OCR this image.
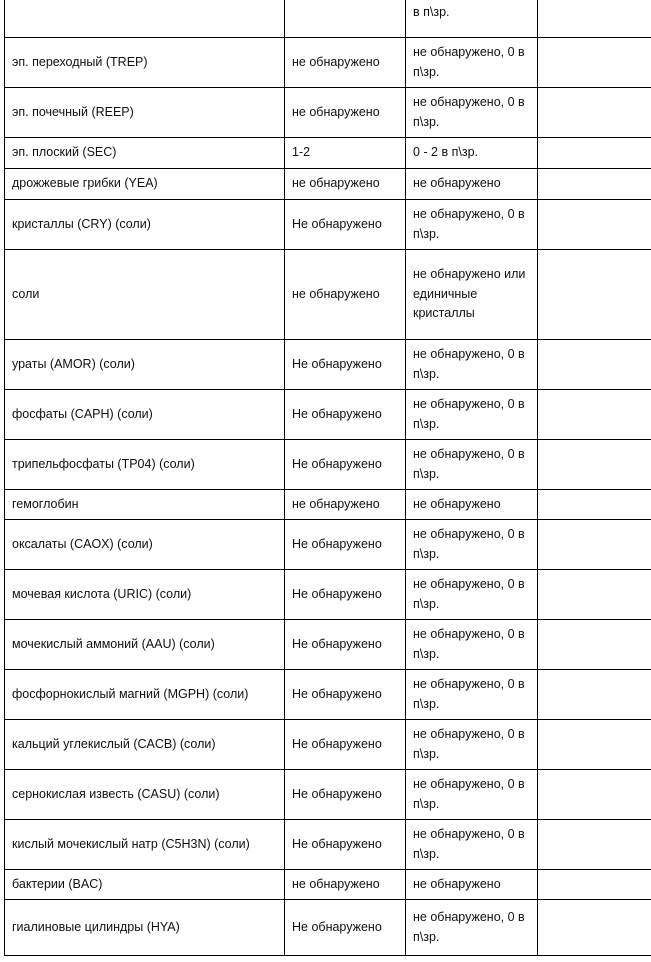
		в п\зр.	
эп. переходный (TREP)	не обнаружено	не обнаружено, 0 в п\зр.	
эп. почечный (REEP)	не обнаружено	не обнаружено, 0 в п\зр.	
эп. плоский (SEC)	1-2	0 - 2 в п\зр.	
дрожжевые грибки (YEA)	не обнаружено	не обнаружено	
кристаллы (CRY) (соли)	Не обнаружено	не обнаружено, 0 в п\зр.	
соли	не обнаружено	не обнаружено или единичные кристаллы	
ураты (AMOR) (соли)	Не обнаружено	не обнаружено, 0 в п\зр.	
фосфаты (CAPH) (соли)	Не обнаружено	не обнаружено, 0 в п\зр.	
трипельфосфаты (TP04) (соли)	Не обнаружено	не обнаружено, 0 в п\зр.	
гемоглобин	не обнаружено	не обнаружено	
оксалаты (CAOX) (соли)	Не обнаружено	не обнаружено, 0 в п\зр.	
мочевая кислота (URIC) (соли)	Не обнаружено	не обнаружено, 0 в п\зр.	
мочекислый аммоний (AAU) (соли)	Не обнаружено	не обнаружено, 0 в п\зр.	
фосфорнокислый магний (MGPH) (соли)	Не обнаружено	не обнаружено, 0 в п\зр.	
кальций углекислый (CACB) (соли)	Не обнаружено	не обнаружено, 0 в п\зр.	
сернокислая известь (CASU) (соли)	Не обнаружено	не обнаружено, 0 в п\зр.	
кислый мочекислый натр (C5H3N) (соли)	Не обнаружено	не обнаружено, 0 в п\зр.	
бактерии (BAC)	не обнаружено	не обнаружено	
гиалиновые цилиндры (HYA)	Не обнаружено	не обнаружено, 0 в п\зр.	
